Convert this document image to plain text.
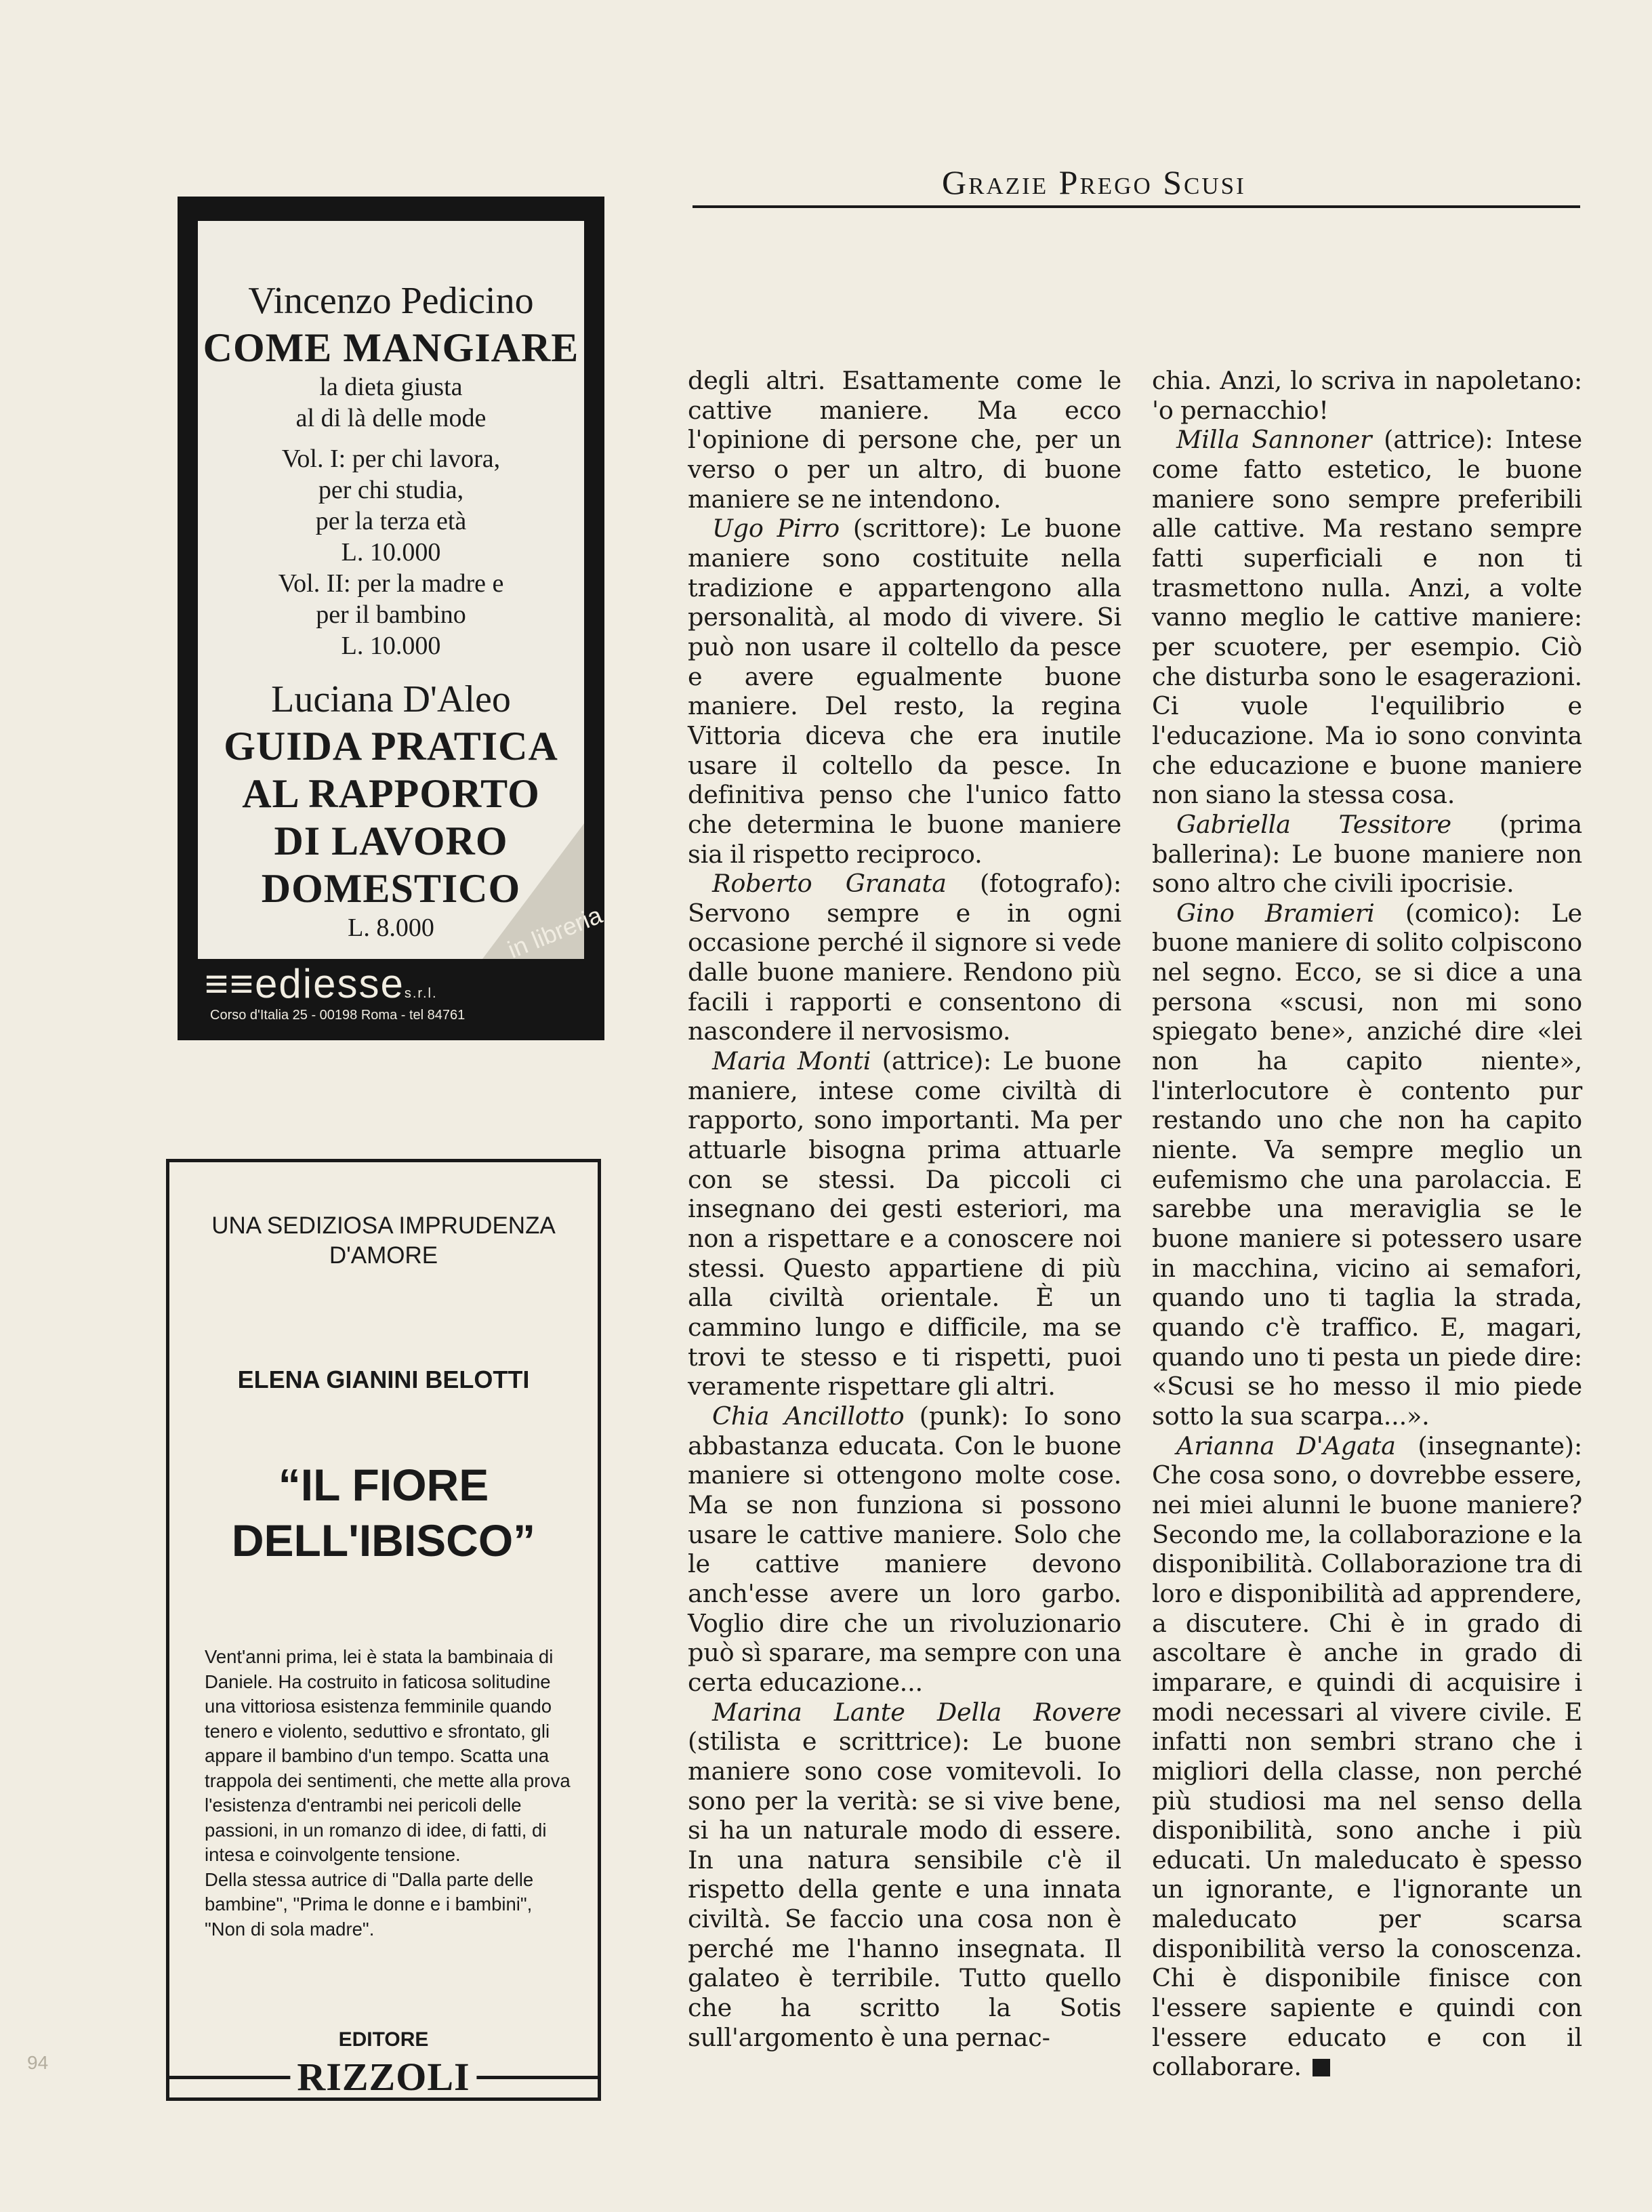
Grazie Prego Scusi
Vincenzo Pedicino
COME MANGIARE
la dieta giusta
al di là delle mode
Vol. I: per chi lavora,
per chi studia,
per la terza età
L. 10.000
Vol. II: per la madre e
per il bambino
L. 10.000
Luciana D'Aleo
GUIDA PRATICA
AL RAPPORTO
DI LAVORO
DOMESTICO
L. 8.000	in libreria
≡≡ediesses.r.l.
Corso d'Italia 25 - 00198 Roma - tel 84761
UNA SEDIZIOSA IMPRUDENZA
D'AMORE
ELENA GIANINI BELOTTI
“IL FIORE
DELL'IBISCO”
Vent'anni prima, lei è stata la bambinaia di Daniele. Ha costruito in faticosa solitudine una vittoriosa esistenza femminile quando tenero e violento, seduttivo e sfrontato, gli appare il bambino d'un tempo. Scatta una trappola dei sentimenti, che mette alla prova l'esistenza d'entrambi nei pericoli delle passioni, in un romanzo di idee, di fatti, di intesa e coinvolgente tensione.
Della stessa autrice di "Dalla parte delle bambine", "Prima le donne e i bambini", "Non di sola madre".
EDITORE
RIZZOLI
94

degli altri. Esattamente come le cattive maniere. Ma ecco l'opinione di persone che, per un verso o per un altro, di buone maniere se ne intendono.

Ugo Pirro (scrittore): Le buone maniere sono costituite nella tradizione e appartengono alla personalità, al modo di vivere. Si può non usare il coltello da pesce e avere egualmente buone maniere. Del resto, la regina Vittoria diceva che era inutile usare il coltello da pesce. In definitiva penso che l'unico fatto che determina le buone maniere sia il rispetto reciproco.

Roberto Granata (fotografo): Servono sempre e in ogni occasione perché il signore si vede dalle buone maniere. Rendono più facili i rapporti e consentono di nascondere il nervosismo.

Maria Monti (attrice): Le buone maniere, intese come civiltà di rapporto, sono importanti. Ma per attuarle bisogna prima attuarle con se stessi. Da piccoli ci insegnano dei gesti esteriori, ma non a rispettare e a conoscere noi stessi. Questo appartiene di più alla civiltà orientale. È un cammino lungo e difficile, ma se trovi te stesso e ti rispetti, puoi veramente rispettare gli altri.

Chia Ancillotto (punk): Io sono abbastanza educata. Con le buone maniere si ottengono molte cose. Ma se non funziona si possono usare le cattive maniere. Solo che le cattive maniere devono anch'esse avere un loro garbo. Voglio dire che un rivoluzionario può sì sparare, ma sempre con una certa educazione...

Marina Lante Della Rovere (stilista e scrittrice): Le buone maniere sono cose vomitevoli. Io sono per la verità: se si vive bene, si ha un naturale modo di essere. In una natura sensibile c'è il rispetto della gente e una innata civiltà. Se faccio una cosa non è perché me l'hanno insegnata. Il galateo è terribile. Tutto quello che ha scritto la Sotis sull'argomento è una pernac-

chia. Anzi, lo scriva in napoletano: 'o pernacchio!

Milla Sannoner (attrice): Intese come fatto estetico, le buone maniere sono sempre preferibili alle cattive. Ma restano sempre fatti superficiali e non ti trasmettono nulla. Anzi, a volte vanno meglio le cattive maniere: per scuotere, per esempio. Ciò che disturba sono le esagerazioni. Ci vuole l'equilibrio e l'educazione. Ma io sono convinta che educazione e buone maniere non siano la stessa cosa.

Gabriella Tessitore (prima ballerina): Le buone maniere non sono altro che civili ipocrisie.

Gino Bramieri (comico): Le buone maniere di solito colpiscono nel segno. Ecco, se si dice a una persona «scusi, non mi sono spiegato bene», anziché dire «lei non ha capito niente», l'interlocutore è contento pur restando uno che non ha capito niente. Va sempre meglio un eufemismo che una parolaccia. E sarebbe una meraviglia se le buone maniere si potessero usare in macchina, vicino ai semafori, quando uno ti taglia la strada, quando c'è traffico. E, magari, quando uno ti pesta un piede dire: «Scusi se ho messo il mio piede sotto la sua scarpa...».

Arianna D'Agata (insegnante): Che cosa sono, o dovrebbe essere, nei miei alunni le buone maniere? Secondo me, la collaborazione e la disponibilità. Collaborazione tra di loro e disponibilità ad apprendere, a discutere. Chi è in grado di ascoltare è anche in grado di imparare, e quindi di acquisire i modi necessari al vivere civile. E infatti non sembri strano che i migliori della classe, non perché più studiosi ma nel senso della disponibilità, sono anche i più educati. Un maleducato è spesso un ignorante, e l'ignorante un maleducato per scarsa disponibilità verso la conoscenza. Chi è disponibile finisce con l'essere sapiente e quindi con l'essere educato e con il collaborare.
